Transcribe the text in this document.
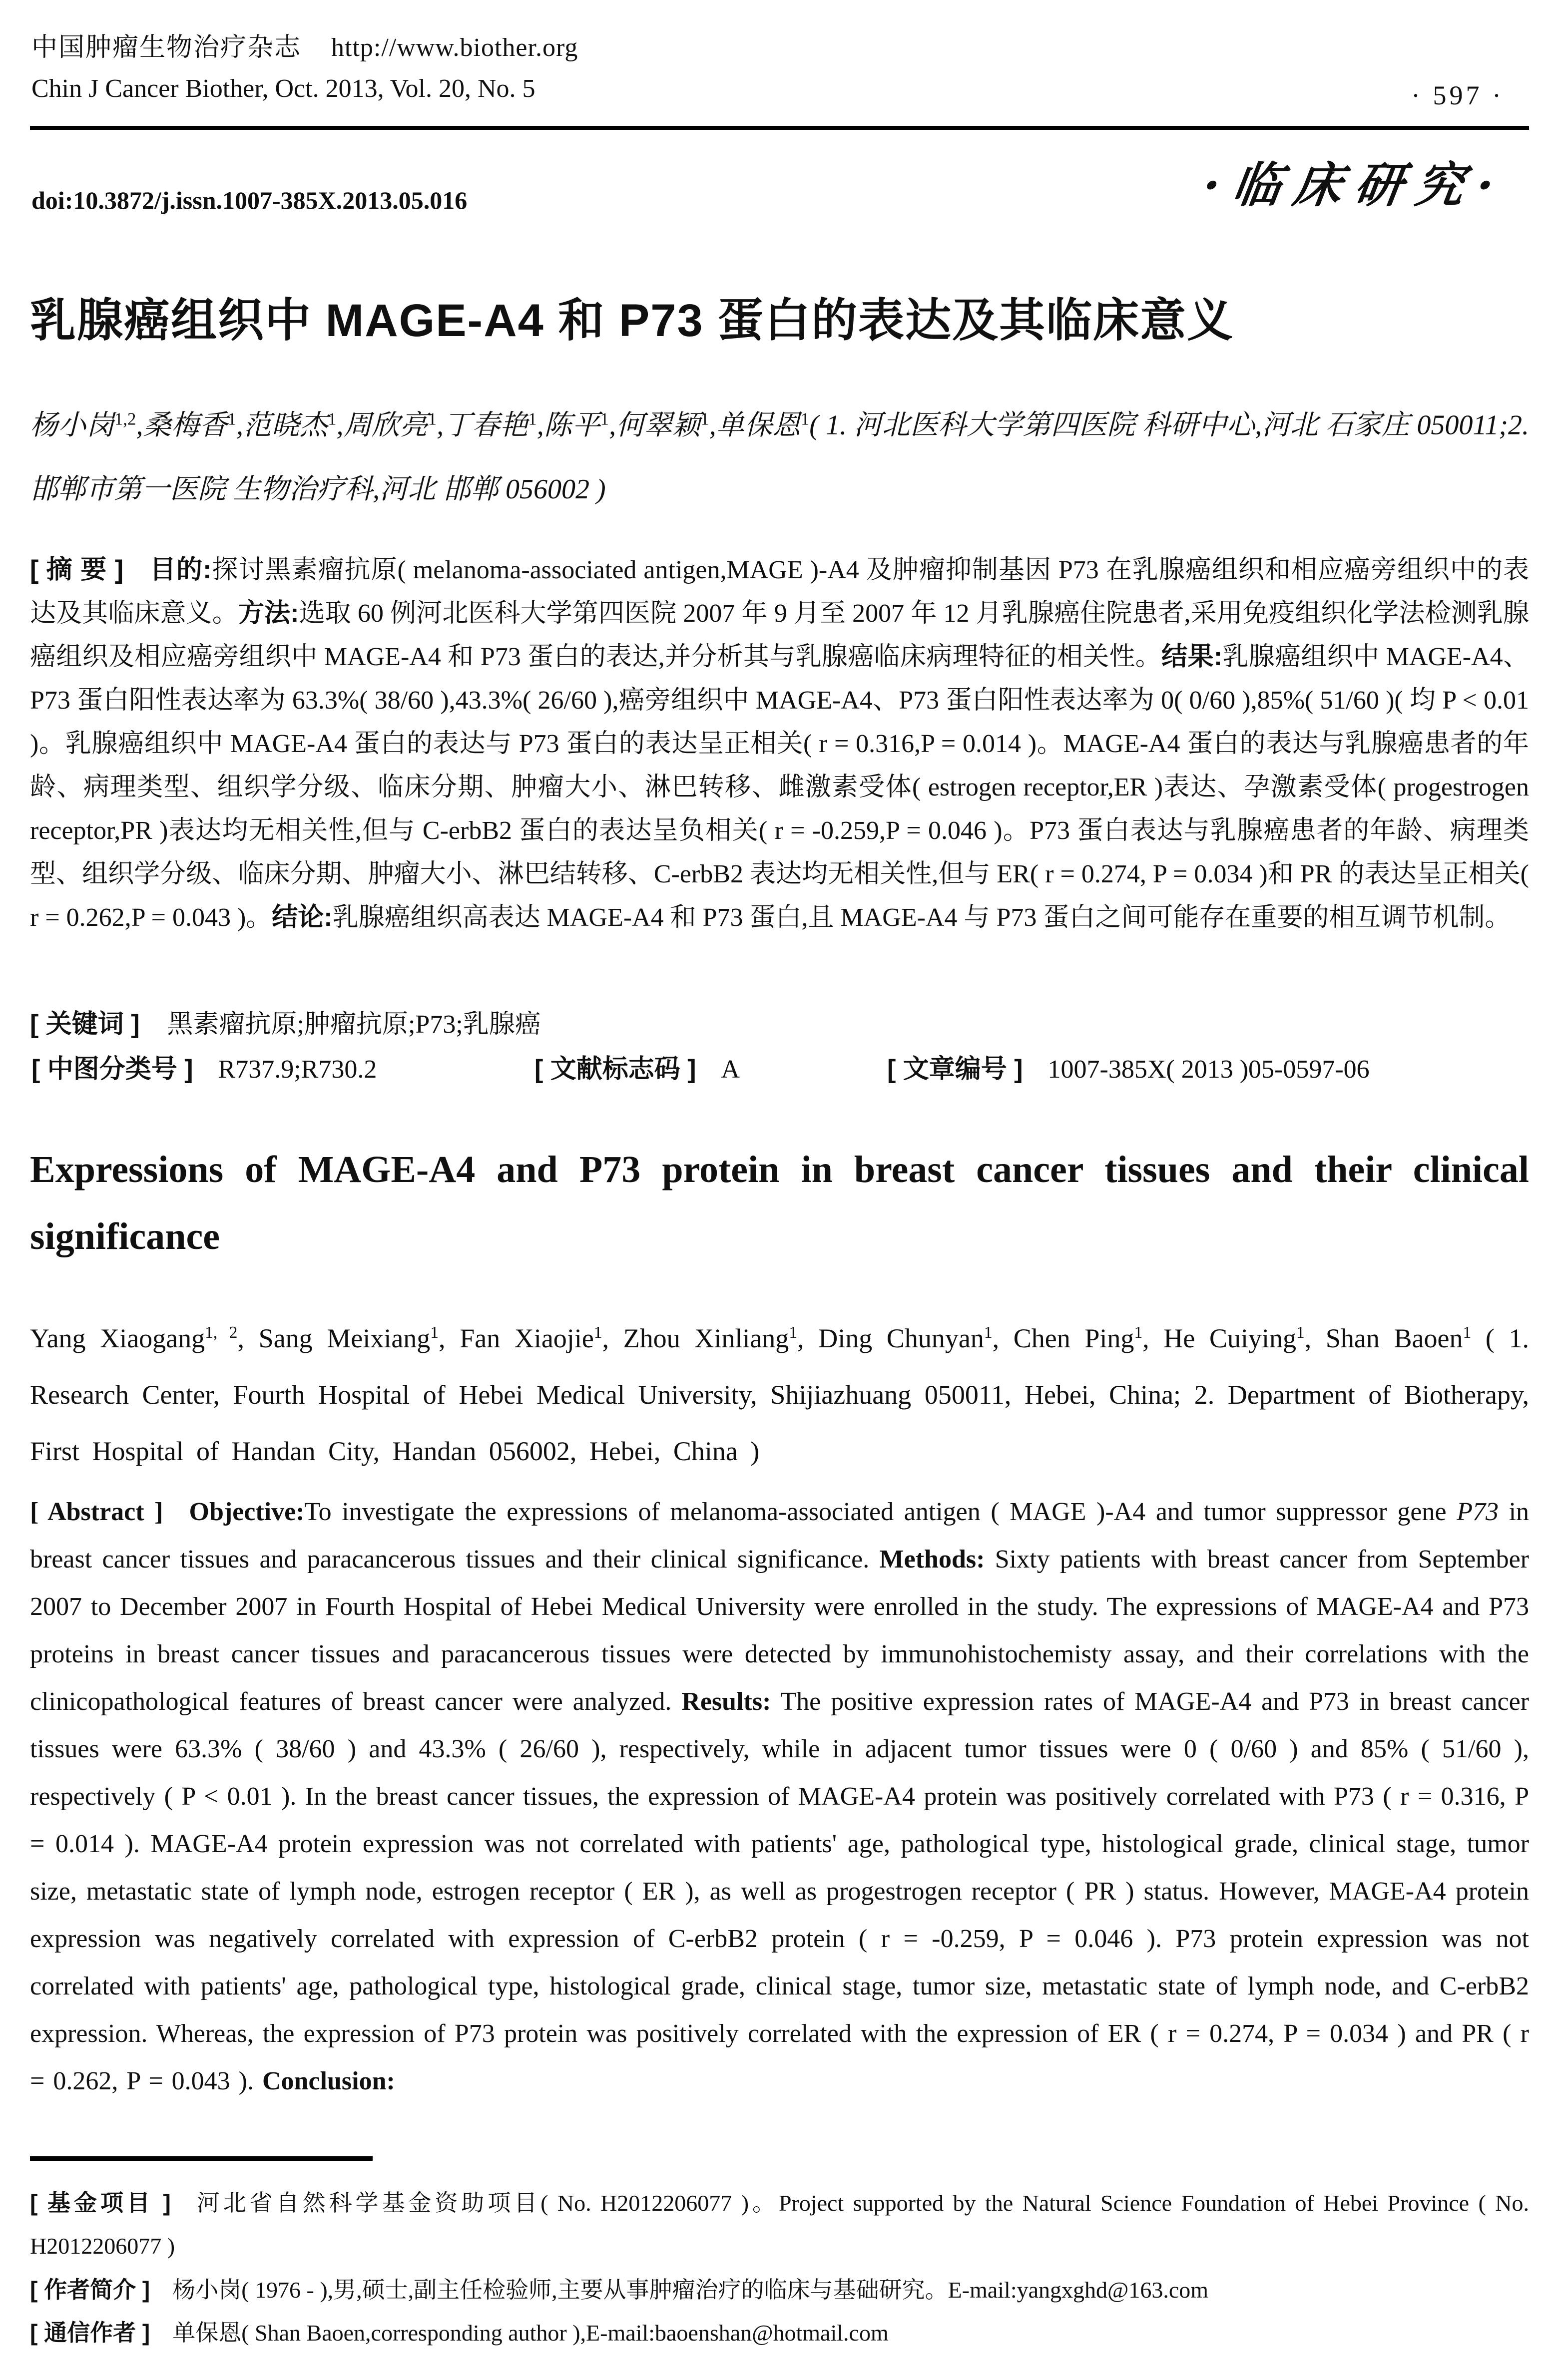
中国肿瘤生物治疗杂志 http://www.biother.org
Chin J Cancer Biother, Oct. 2013, Vol. 20, No. 5	· 597 ·
doi:10.3872/j.issn.1007-385X.2013.05.016	·临床研究·
乳腺癌组织中 MAGE-A4 和 P73 蛋白的表达及其临床意义

杨小岗$^{1,2}$,桑梅香$^1$,范晓杰$^1$,周欣亮$^1$,丁春艳$^1$,陈平$^1$,何翠颖$^1$,单保恩$^1$( 1. 河北医科大学第四医院 科研中心,河北 石家庄 050011;2. 邯郸市第一医院 生物治疗科,河北 邯郸 056002 )

[ 摘 要 ] 目的:探讨黑素瘤抗原( melanoma-associated antigen,MAGE )-A4 及肿瘤抑制基因 P73 在乳腺癌组织和相应癌旁组织中的表达及其临床意义。方法:选取 60 例河北医科大学第四医院 2007 年 9 月至 2007 年 12 月乳腺癌住院患者,采用免疫组织化学法检测乳腺癌组织及相应癌旁组织中 MAGE-A4 和 P73 蛋白的表达,并分析其与乳腺癌临床病理特征的相关性。结果:乳腺癌组织中 MAGE-A4、P73 蛋白阳性表达率为 63.3%( 38/60 ),43.3%( 26/60 ),癌旁组织中 MAGE-A4、P73 蛋白阳性表达率为 0( 0/60 ),85%( 51/60 )( 均 P < 0.01 )。乳腺癌组织中 MAGE-A4 蛋白的表达与 P73 蛋白的表达呈正相关( r = 0.316,P = 0.014 )。MAGE-A4 蛋白的表达与乳腺癌患者的年龄、病理类型、组织学分级、临床分期、肿瘤大小、淋巴转移、雌激素受体( estrogen receptor,ER )表达、孕激素受体( progestrogen receptor,PR )表达均无相关性,但与 C-erbB2 蛋白的表达呈负相关( r = -0.259,P = 0.046 )。P73 蛋白表达与乳腺癌患者的年龄、病理类型、组织学分级、临床分期、肿瘤大小、淋巴结转移、C-erbB2 表达均无相关性,但与 ER( r = 0.274, P = 0.034 )和 PR 的表达呈正相关( r = 0.262,P = 0.043 )。结论:乳腺癌组织高表达 MAGE-A4 和 P73 蛋白,且 MAGE-A4 与 P73 蛋白之间可能存在重要的相互调节机制。

[ 关键词 ] 黑素瘤抗原;肿瘤抗原;P73;乳腺癌

[ 中图分类号 ] R737.9;R730.2	[ 文献标志码 ] A	[ 文章编号 ] 1007-385X( 2013 )05-0597-06
Expressions of MAGE-A4 and P73 protein in breast cancer tissues and their clinical significance

Yang Xiaogang$^{1, 2}$, Sang Meixiang$^1$, Fan Xiaojie$^1$, Zhou Xinliang$^1$, Ding Chunyan$^1$, Chen Ping$^1$, He Cuiying$^1$, Shan Baoen$^1$ ( 1. Research Center, Fourth Hospital of Hebei Medical University, Shijiazhuang 050011, Hebei, China; 2. Department of Biotherapy, First Hospital of Handan City, Handan 056002, Hebei, China )

[ Abstract ] Objective:To investigate the expressions of melanoma-associated antigen ( MAGE )-A4 and tumor suppressor gene P73 in breast cancer tissues and paracancerous tissues and their clinical significance. Methods: Sixty patients with breast cancer from September 2007 to December 2007 in Fourth Hospital of Hebei Medical University were enrolled in the study. The expressions of MAGE-A4 and P73 proteins in breast cancer tissues and paracancerous tissues were detected by immunohistochemisty assay, and their correlations with the clinicopathological features of breast cancer were analyzed. Results: The positive expression rates of MAGE-A4 and P73 in breast cancer tissues were 63.3% ( 38/60 ) and 43.3% ( 26/60 ), respectively, while in adjacent tumor tissues were 0 ( 0/60 ) and 85% ( 51/60 ), respectively ( P < 0.01 ). In the breast cancer tissues, the expression of MAGE-A4 protein was positively correlated with P73 ( r = 0.316, P = 0.014 ). MAGE-A4 protein expression was not correlated with patients' age, pathological type, histological grade, clinical stage, tumor size, metastatic state of lymph node, estrogen receptor ( ER ), as well as progestrogen receptor ( PR ) status. However, MAGE-A4 protein expression was negatively correlated with expression of C-erbB2 protein ( r = -0.259, P = 0.046 ). P73 protein expression was not correlated with patients' age, pathological type, histological grade, clinical stage, tumor size, metastatic state of lymph node, and C-erbB2 expression. Whereas, the expression of P73 protein was positively correlated with the expression of ER ( r = 0.274, P = 0.034 ) and PR ( r = 0.262, P = 0.043 ). Conclusion:

[ 基金项目 ] 河北省自然科学基金资助项目( No. H2012206077 )。Project supported by the Natural Science Foundation of Hebei Province ( No. H2012206077 )

[ 作者简介 ] 杨小岗( 1976 - ),男,硕士,副主任检验师,主要从事肿瘤治疗的临床与基础研究。E-mail:yangxghd@163.com

[ 通信作者 ] 单保恩( Shan Baoen,corresponding author ),E-mail:baoenshan@hotmail.com
